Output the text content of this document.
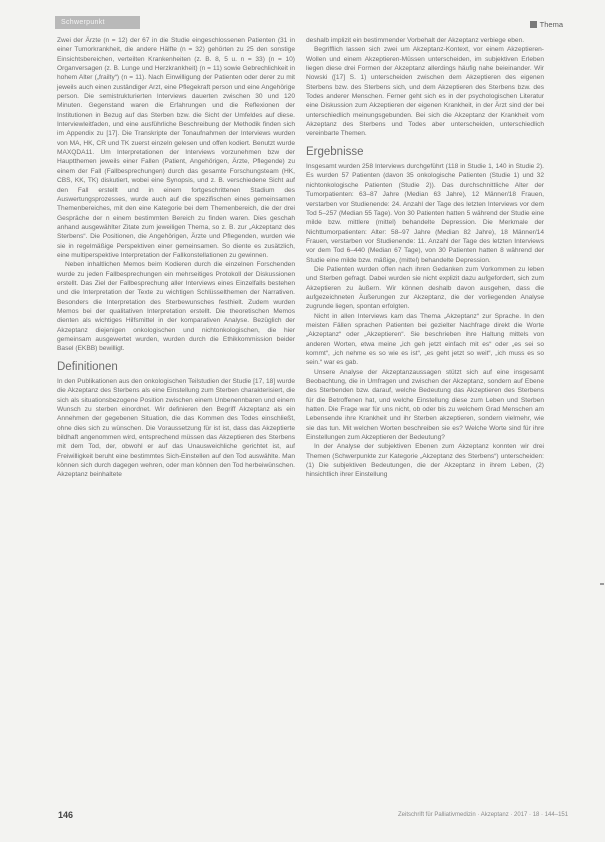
Schwerpunkt	Thema

Zwei der Ärzte (n = 12) der 67 in die Studie eingeschlossenen Patienten (31 in einer Tumorkrankheit, die andere Hälfte (n = 32) gehörten zu 25 den sonstige Einsichtsbereichen, verteilten Krankenheiten (z. B. 8, 5 u. n = 33) (n = 10) Organversagen (z. B. Lunge und Herzkrankheit) (n = 11) sowie Gebrechlichkeit in hohem Alter („frailty“) (n = 11). Nach Einwilligung der Patienten oder derer zu mit jeweils auch einen zuständiger Arzt, eine Pflegekraft person und eine Angehörige person. Die semistrukturierten Interviews dauerten zwischen 30 und 120 Minuten. Gegenstand waren die Erfahrungen und die Reflexionen der Institutionen in Bezug auf das Sterben bzw. die Sicht der Umfeldes auf diese. Interviewleitfaden, und eine ausführliche Beschreibung der Methodik finden sich im Appendix zu [17]. Die Transkripte der Tonaufnahmen der Interviews wurden von MA, HK, CR und TK zuerst einzeln gelesen und offen kodiert. Benutzt wurde MAXQDA11. Um Interpretationen der Interviews vorzunehmen bzw der Hauptthemen jeweils einer Fallen (Patient, Angehörigen, Ärzte, Pflegende) zu einem der Fall (Fallbesprechungen) durch das gesamte Forschungsteam (HK, CBS, KK, TK) diskutiert, wobei eine Synopsis, und z. B. verschiedene Sicht auf den Fall erstellt und in einem fortgeschrittenen Stadium des Auswertungsprozesses, wurde auch auf die spezifischen eines gemeinsamen Themenbereiches, mit den eine Kategorie bei dem Themenbereich, die der drei Gespräche der n einem bestimmten Bereich zu finden waren. Dies geschah anhand ausgewählter Zitate zum jeweiligen Thema, so z. B. zur „Akzeptanz des Sterbens“. Die Positionen, die Angehörigen, Ärzte und Pflegenden, wurden wie sie in regelmäßige Perspektiven einer gemeinsamen. So diente es zusätzlich, eine multiperspektive Interpretation der Fallkonstellationen zu gewinnen.

Neben inhaltlichen Memos beim Kodieren durch die einzelnen Forschenden wurde zu jeden Fallbesprechungen ein mehrseitiges Protokoll der Diskussionen erstellt. Das Ziel der Fallbesprechung aller Interviews eines Einzelfalls bestehen und die Interpretation der Texte zu wichtigen Schlüsselthemen der Narrativen. Besonders die Interpretation des Sterbewunsches festhielt. Zudem wurden Memos bei der qualitativen Interpretation erstellt. Die theoretischen Memos dienten als wichtiges Hilfsmittel in der komparativen Analyse. Bezüglich der Akzeptanz diejenigen onkologischen und nichtonkologischen, die hier gemeinsam ausgewertet wurden, wurden durch die Ethikkommission beider Basel (EKBB) bewilligt.

Definitionen

In den Publikationen aus den onkologischen Teilstudien der Studie [17, 18] wurde die Akzeptanz des Sterbens als eine Einstellung zum Sterben charakterisiert, die sich als situationsbezogene Position zwischen einem Unbenennbaren und einem Wunsch zu sterben einordnet. Wir definieren den Begriff Akzeptanz als ein Annehmen der gegebenen Situation, die das Kommen des Todes einschließt, ohne dies sich zu wünschen. Die Voraussetzung für ist ist, dass das Akzeptierte bildhaft angenommen wird, entsprechend müssen das Akzeptieren des Sterbens mit dem Tod, der, obwohl er auf das Unausweichliche gerichtet ist, auf Freiwilligkeit beruht eine bestimmtes Sich-Einstellen auf den Tod auswählte. Man können sich durch dagegen wehren, oder man können den Tod herbeiwünschen. Akzeptanz beinhaltete

deshalb implizit ein bestimmender Vorbehalt der Akzeptanz verbiege eben.

Begrifflich lassen sich zwei um Akzeptanz-Kontext, vor einem Akzeptieren-Wollen und einem Akzeptieren-Müssen unterscheiden, im subjektiven Erleben liegen diese drei Formen der Akzeptanz allerdings häufig nahe beieinander. Wir Nowski ([17] S. 1) unterscheiden zwischen dem Akzeptieren des eigenen Sterbens bzw. des Sterbens sich, und dem Akzeptieren des Sterbens bzw. des Todes anderer Menschen. Ferner geht sich es in der psychologischen Literatur eine Diskussion zum Akzeptieren der eigenen Krankheit, in der Ärzt sind der bei unterschiedlich meinungsgebunden. Bei sich die Akzeptanz der Krankheit vom Akzeptanz des Sterbens und Todes aber unterscheiden, unterschiedlich vereinbarte Themen.

Ergebnisse

Insgesamt wurden 258 Interviews durchgeführt (118 in Studie 1, 140 in Studie 2). Es wurden 57 Patienten (davon 35 onkologische Patienten (Studie 1) und 32 nichtonkologische Patienten (Studie 2)). Das durchschnittliche Alter der Tumorpatienten: 63–87 Jahre (Median 63 Jahre), 12 Männer/18 Frauen, verstarben vor Studienende: 24. Anzahl der Tage des letzten Interviews vor dem Tod 5–257 (Median 55 Tage). Von 30 Patienten hatten 5 während der Studie eine milde bzw. mittlere (mittel) behandelte Depression. Die Merkmale der Nichttumorpatienten: Alter: 58–97 Jahre (Median 82 Jahre), 18 Männer/14 Frauen, verstarben vor Studienende: 11. Anzahl der Tage des letzten Interviews vor dem Tod 6–440 (Median 67 Tage), von 30 Patienten hatten 8 während der Studie eine milde bzw. mäßige, (mittel) behandelte Depression.

Die Patienten wurden offen nach ihren Gedanken zum Vorkommen zu leben und Sterben gefragt. Dabei wurden sie nicht explizit dazu aufgefordert, sich zum Akzeptieren zu äußern. Wir können deshalb davon ausgehen, dass die aufgezeichneten Äußerungen zur Akzeptanz, die der vorliegenden Analyse zugrunde liegen, spontan erfolgten.

Nicht in allen Interviews kam das Thema „Akzeptanz“ zur Sprache. In den meisten Fällen sprachen Patienten bei gezielter Nachfrage direkt die Worte „Akzeptanz“ oder „Akzeptieren“. Sie beschrieben ihre Haltung mittels von anderen Worten, etwa meine „ich geh jetzt einfach mit es“ oder „es sei so kommt“, „ich nehme es so wie es ist“, „es geht jetzt so weit“, „ich muss es so sein.“ war es gab.

Unsere Analyse der Akzeptanzaussagen stützt sich auf eine insgesamt Beobachtung, die in Umfragen und zwischen der Akzeptanz, sondern auf Ebene des Sterbenden bzw. darauf, welche Bedeutung das Akzeptieren des Sterbens für die Betroffenen hat, und welche Einstellung diese zum Leben und Sterben hatten. Die Frage war für uns nicht, ob oder bis zu welchem Grad Menschen am Lebensende ihre Krankheit und ihr Sterben akzeptieren, sondern vielmehr, wie sie das tun. Mit welchen Worten beschreiben sie es? Welche Worte sind für ihre Einstellungen zum Akzeptieren der Bedeutung?

In der Analyse der subjektiven Ebenen zum Akzeptanz konnten wir drei Themen (Schwerpunkte zur Kategorie „Akzeptanz des Sterbens“) unterscheiden: (1) Die subjektiven Bedeutungen, die der Akzeptanz in ihrem Leben, (2) hinsichtlich ihrer Einstellung

146	Zeitschrift für Palliativmedizin · Akzeptanz · 2017 · 18 · 144–151
